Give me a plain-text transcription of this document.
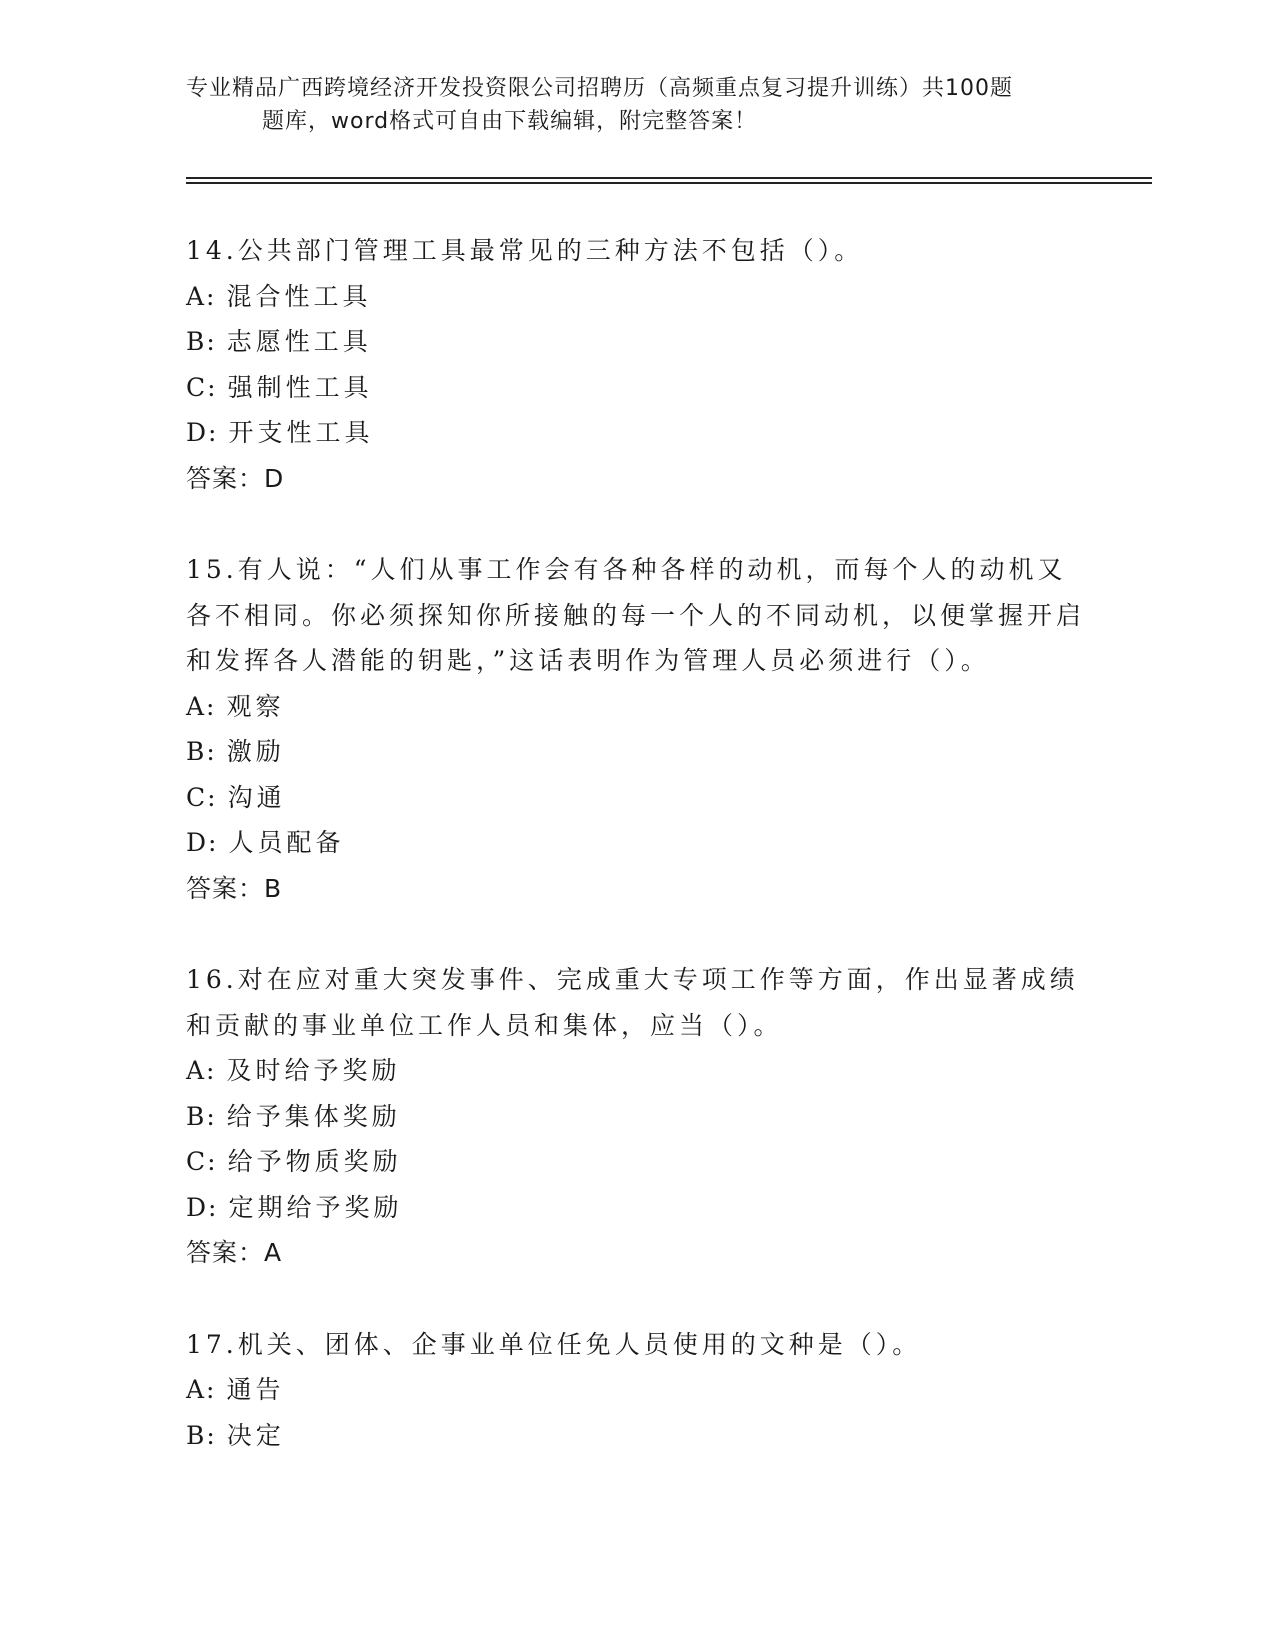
专业精品广西跨境经济开发投资限公司招聘历（高频重点复习提升训练）共100题
题库，word格式可自由下载编辑，附完整答案！

14.公共部门管理工具最常见的三种方法不包括（）。

A: 混合性工具

B: 志愿性工具

C: 强制性工具

D: 开支性工具

答案：D

15.有人说：“人们从事工作会有各种各样的动机，而每个人的动机又各不相同。你必须探知你所接触的每一个人的不同动机，以便掌握开启和发挥各人潜能的钥匙，”这话表明作为管理人员必须进行（）。

A: 观察

B: 激励

C: 沟通

D: 人员配备

答案：B

16.对在应对重大突发事件、完成重大专项工作等方面，作出显著成绩和贡献的事业单位工作人员和集体，应当（）。

A: 及时给予奖励

B: 给予集体奖励

C: 给予物质奖励

D: 定期给予奖励

答案：A

17.机关、团体、企事业单位任免人员使用的文种是（）。

A: 通告

B: 决定
